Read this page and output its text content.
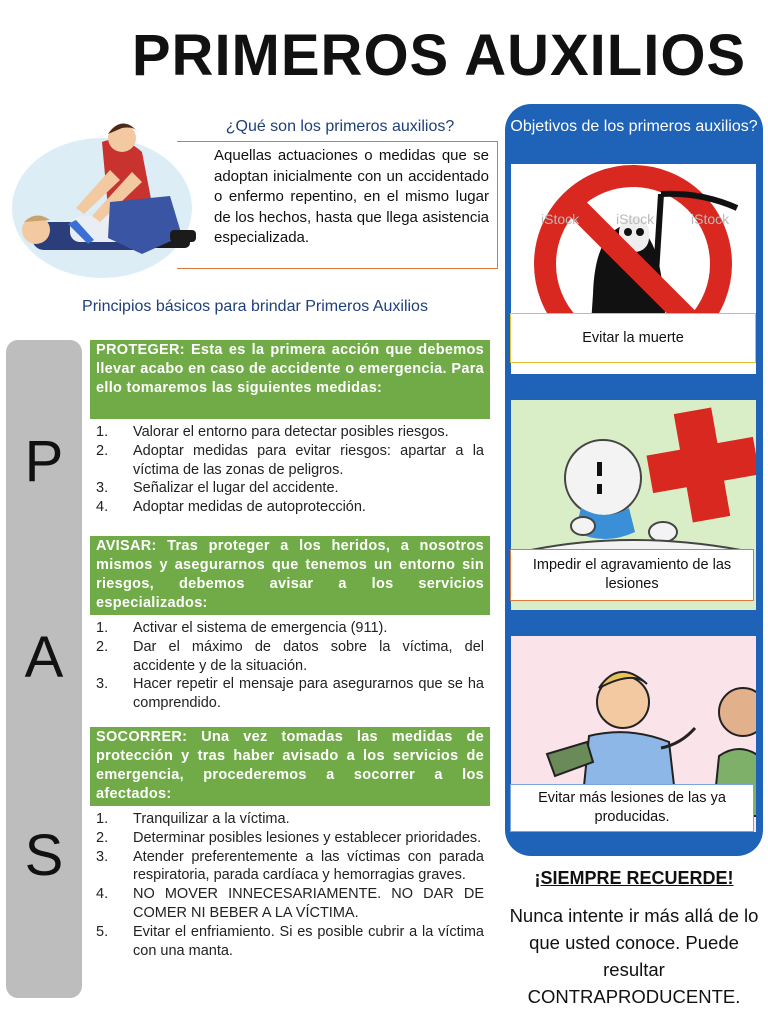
PRIMEROS AUXILIOS
¿Qué son los primeros auxilios?
Aquellas actuaciones o medidas que se adoptan inicialmente con un accidentado o enfermo repentino, en el mismo lugar de los hechos, hasta que llega asistencia especializada.
Principios básicos para brindar Primeros Auxilios
P
A
S
PROTEGER: Esta es la primera acción que debemos llevar acabo en caso de accidente o emergencia. Para ello tomaremos las siguientes medidas:
1. Valorar el entorno para detectar posibles riesgos.
2. Adoptar medidas para evitar riesgos: apartar a la víctima de las zonas de peligros.
3. Señalizar el lugar del accidente.
4. Adoptar medidas de autoprotección.
AVISAR: Tras proteger a los heridos, a nosotros mismos y asegurarnos que tenemos un entorno sin riesgos, debemos avisar a los servicios especializados:
1. Activar el sistema de emergencia (911).
2. Dar el máximo de datos sobre la víctima, del accidente y de la situación.
3. Hacer repetir el mensaje para asegurarnos que se ha comprendido.
SOCORRER: Una vez tomadas las medidas de protección y tras haber avisado a los servicios de emergencia, procederemos a socorrer a los afectados:
1. Tranquilizar a la víctima.
2. Determinar posibles lesiones y establecer prioridades.
3. Atender preferentemente a las víctimas con parada respiratoria, parada cardíaca y hemorragias graves.
4. NO MOVER INNECESARIAMENTE. NO DAR DE COMER NI BEBER A LA VÍCTIMA.
5. Evitar el enfriamiento. Si es posible cubrir a la víctima con una manta.
Objetivos de los primeros auxilios?
iStock	iStock	iStock
Evitar la muerte
Impedir el agravamiento de las lesiones
Evitar más lesiones de las ya producidas.
¡SIEMPRE RECUERDE!
Nunca intente ir más allá de lo que usted conoce. Puede resultar CONTRAPRODUCENTE.
